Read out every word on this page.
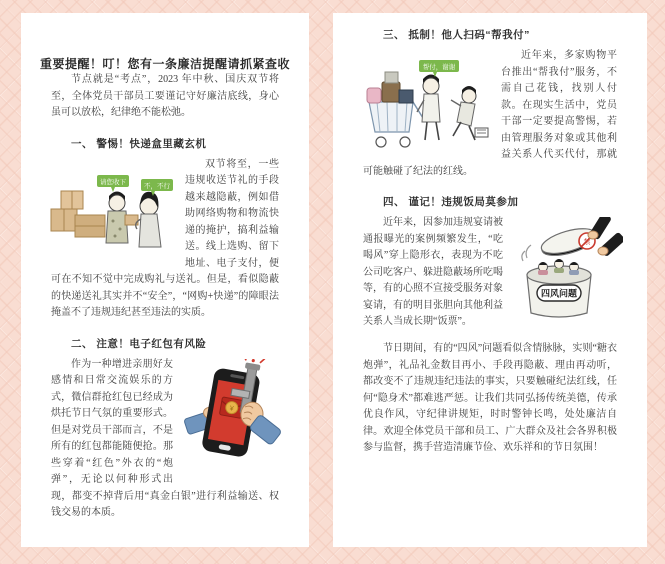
重要提醒！叮！您有一条廉洁提醒请抓紧查收

节点就是“考点”，2023 年中秋、国庆双节将至，全体党员干部员工要谨记守好廉洁底线，身心虽可以放松，纪律绝不能松弛。

一、 警惕！快递盒里藏玄机
请您收下
不，不行

双节将至，一些违规收送节礼的手段越来越隐蔽，例如借助网络购物和物流快递的掩护，搞利益输送。线上选购、留下地址、电子支付，便可在不知不觉中完成购礼与送礼。但是，看似隐蔽的快递送礼其实并不“安全”，“网购+快递”的障眼法掩盖不了违规违纪甚至违法的实质。

二、 注意！电子红包有风险
¥

作为一种增进亲朋好友感情和日常交流娱乐的方式，微信群抢红包已经成为烘托节日气氛的重要形式。但是对党员干部而言，不是所有的红包都能随便抢。那些穿着“红色”外衣的“炮弹”，无论以何种形式出现，都变不掉背后用“真金白银”进行利益输送、权钱交易的本质。

三、 抵制！他人扫码“帮我付”
帮付，谢谢

近年来，多家购物平台推出“帮我付”服务，不需自己花钱，找别人付款。在现实生活中，党员干部一定要提高警惕，若由管理服务对象或其他利益关系人代买代付，那就可能触碰了纪法的红线。

四、 谨记！违规饭局莫参加
禁
四风问题

近年来，因参加违规宴请被通报曝光的案例频繁发生，“吃喝风”穿上隐形衣，表现为不吃公司吃客户、躲进隐蔽场所吃喝等，有的心照不宣接受服务对象宴请，有的明目张胆向其他利益关系人当成长期“饭票”。

节日期间，有的“四风”问题看似含情脉脉，实则“糖衣炮弹”，礼品礼金数目再小、手段再隐蔽、理由再动听，都改变不了违规违纪违法的事实，只要触碰纪法红线，任何“隐身术”都难逃严惩。让我们共同弘扬传统美德，传承优良作风，守纪律讲规矩，时时警钟长鸣，处处廉洁自律。欢迎全体党员干部和员工、广大群众及社会各界积极参与监督，携手营造清廉节俭、欢乐祥和的节日氛围！
